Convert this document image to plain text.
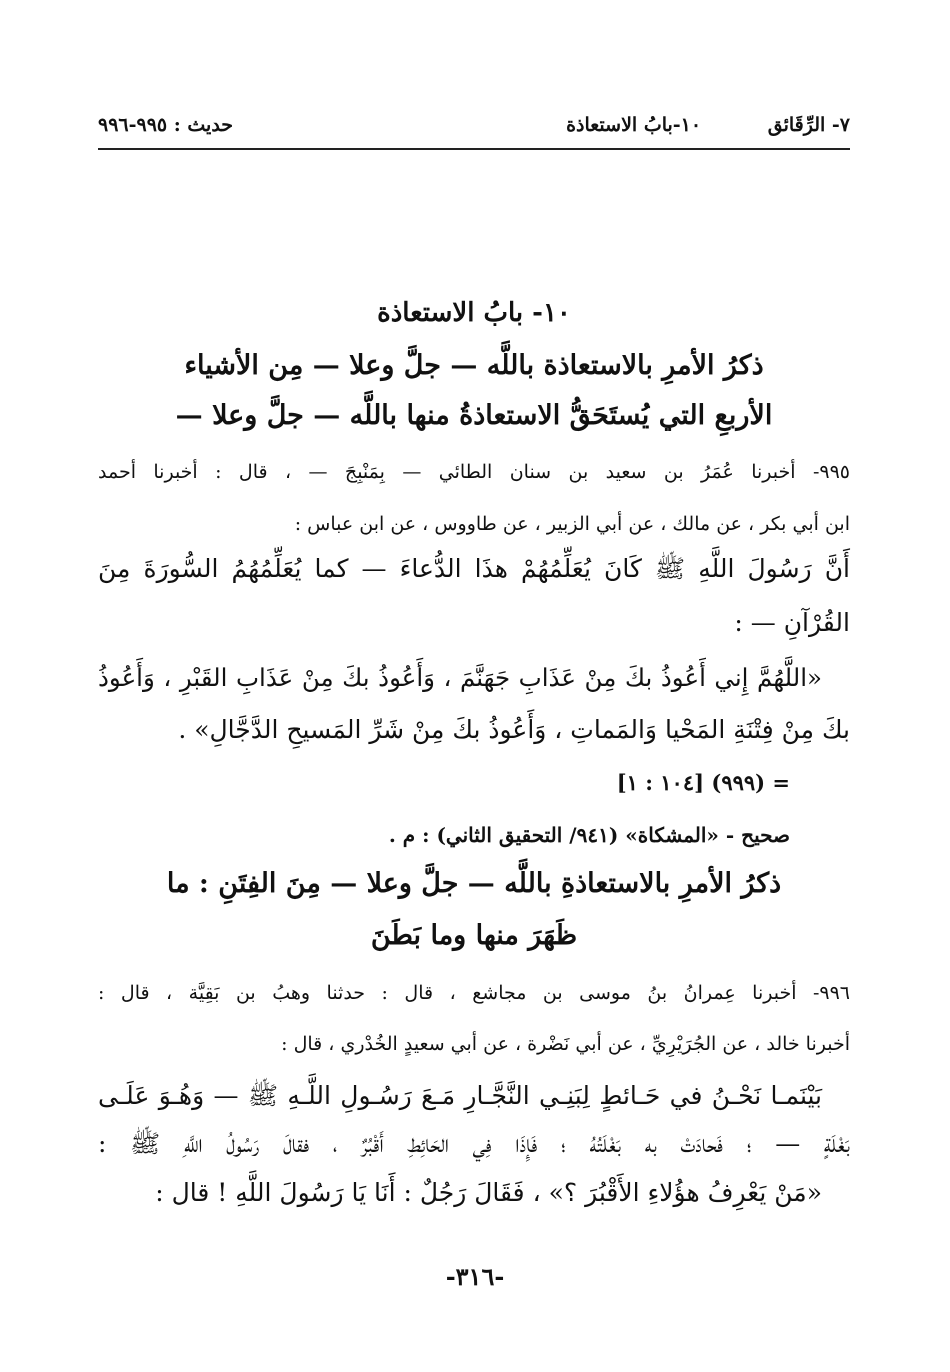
٧- الرِّقَائق ١٠-بابُ الاستعاذة
حديث : ٩٩٥-٩٩٦
١٠- بابُ الاستعاذة
ذكرُ الأمرِ بالاستعاذة باللَّه — جلَّ وعلا — مِن الأشياء
الأربعِ التي يُستَحَقُّ الاستعاذةُ منها باللَّه — جلَّ وعلا —
٩٩٥- أخبرنا عُمَرُ بن سعيد بن سنان الطائي — بِمَنْبِجَ — ، قال : أخبرنا أحمد
ابن أبي بكر ، عن مالك ، عن أبي الزبير ، عن طاووس ، عن ابن عباس :
أَنَّ رَسُولَ اللَّهِ ﷺ كَانَ يُعَلِّمُهُمْ هذَا الدُّعاءَ — كما يُعَلِّمُهُمُ السُّورَةَ مِنَ
القُرْآنِ — :
«اللَّهُمَّ إِني أَعُوذُ بكَ مِنْ عَذَابِ جَهَنَّمَ ، وَأَعُوذُ بكَ مِنْ عَذَابِ القَبْرِ ، وَأَعُوذُ
بكَ مِنْ فِتْنَةِ المَحْيا وَالمَماتِ ، وَأَعُوذُ بكَ مِنْ شَرِّ المَسيحِ الدَّجَّالِ» .
= (٩٩٩) [١٠٤ : ١]
صحيح - «المشكاة» (٩٤١/ التحقيق الثاني) : م .
ذكرُ الأمرِ بالاستعاذةِ باللَّه — جلَّ وعلا — مِنَ الفِتَنِ : ما
ظَهَرَ منها وما بَطَنَ
٩٩٦- أخبرنا عِمرانُ بنُ موسى بن مجاشع ، قال : حدثنا وهبُ بن بَقِيَّة ، قال :
أخبرنا خالد ، عن الجُرَيْرِيِّ ، عن أبي نَضْرة ، عن أبي سعيدٍ الخُدْري ، قال :
بَيْنَمـا نَحْـنُ في حَـائطٍ لِبَنِـي النَّجَّـارِ مَـعَ رَسُـولِ اللَّـهِ ﷺ — وَهُـوَ عَلَـى
بَغْلَةٍ — ؛ فَحادَتْ به بَغْلَتُهُ ؛ فَإِذَا فِي الحَائِطِ أَقْبُرٌ ، فقالَ رَسُولُ اللَّهِ ﷺ :
«مَنْ يَعْرِفُ هؤُلاءِ الأَقْبُرَ ؟» ، فَقَالَ رَجُلٌ : أَنَا يَا رَسُولَ اللَّهِ ! قال :
-٣١٦-
